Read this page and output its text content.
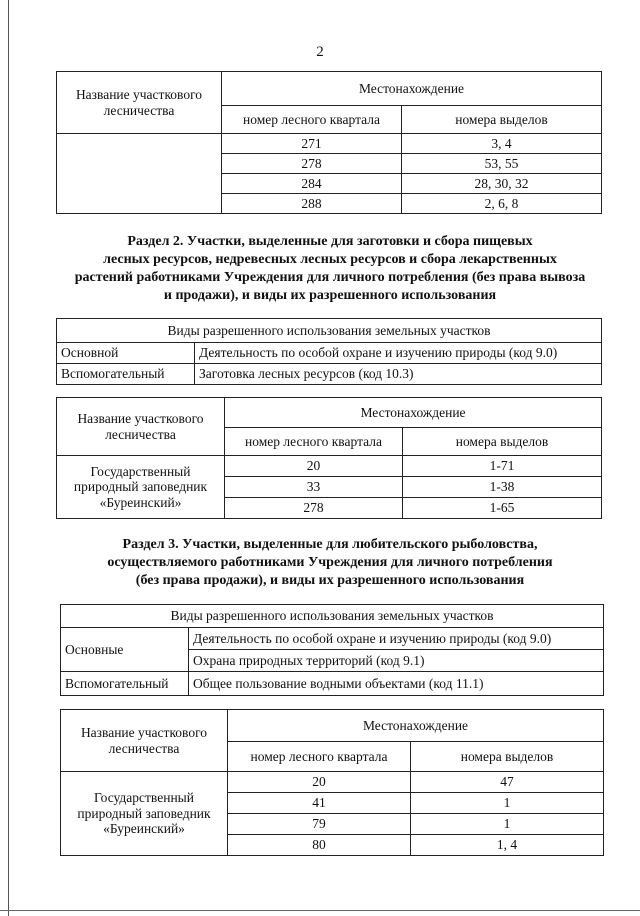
2
Название участкового лесничества	Местонахождение	
	номер лесного квартала	номера выделов
	271	3, 4
	278	53, 55
	284	28, 30, 32
	288	2, 6, 8
Раздел 2. Участки, выделенные для заготовки и сбора пищевых
лесных ресурсов, недревесных лесных ресурсов и сбора лекарственных
растений работниками Учреждения для личного потребления (без права вывоза
и продажи), и виды их разрешенного использования
Виды разрешенного использования земельных участков	
Основной	Деятельность по особой охране и изучению природы (код 9.0)
Вспомогательный	Заготовка лесных ресурсов (код 10.3)
Название участкового лесничества	Местонахождение	
	номер лесного квартала	номера выделов
Государственный природный заповедник «Буреинский»	20	1-71
	33	1-38
	278	1-65
Раздел 3. Участки, выделенные для любительского рыболовства,
осуществляемого работниками Учреждения для личного потребления
(без права продажи), и виды их разрешенного использования
Виды разрешенного использования земельных участков	
Основные	Деятельность по особой охране и изучению природы (код 9.0)
	Охрана природных территорий (код 9.1)
Вспомогательный	Общее пользование водными объектами (код 11.1)
Название участкового лесничества	Местонахождение	
	номер лесного квартала	номера выделов
Государственный природный заповедник «Буреинский»	20	47
	41	1
	79	1
	80	1, 4
